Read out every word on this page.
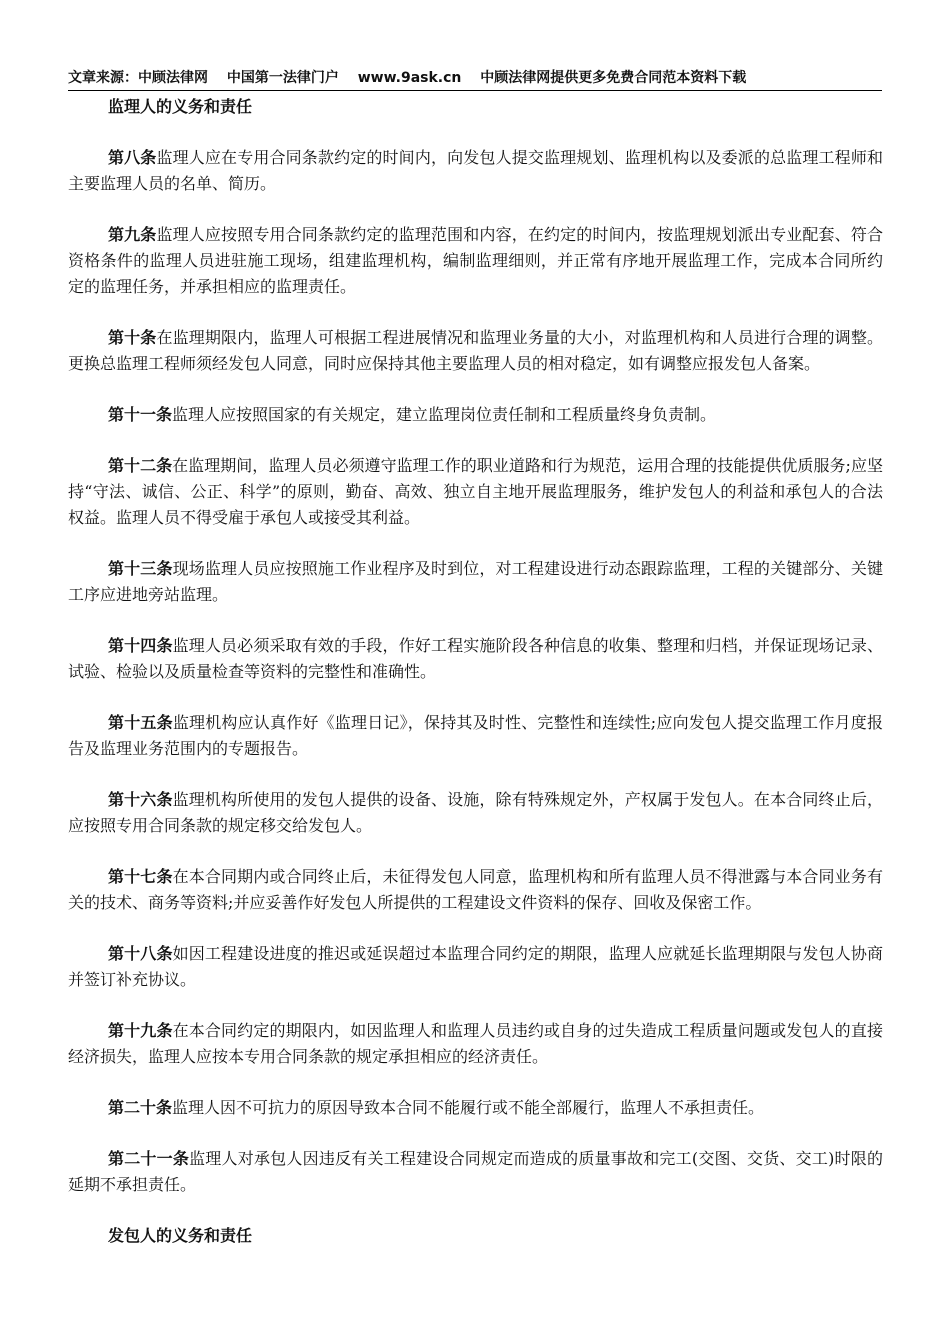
文章来源：中顾法律网 中国第一法律门户 www.9ask.cn 中顾法律网提供更多免费合同范本资料下载

监理人的义务和责任

第八条监理人应在专用合同条款约定的时间内，向发包人提交监理规划、监理机构以及委派的总监理工程师和主要监理人员的名单、简历。

第九条监理人应按照专用合同条款约定的监理范围和内容，在约定的时间内，按监理规划派出专业配套、符合资格条件的监理人员进驻施工现场，组建监理机构，编制监理细则，并正常有序地开展监理工作，完成本合同所约定的监理任务，并承担相应的监理责任。

第十条在监理期限内，监理人可根据工程进展情况和监理业务量的大小，对监理机构和人员进行合理的调整。更换总监理工程师须经发包人同意，同时应保持其他主要监理人员的相对稳定，如有调整应报发包人备案。

第十一条监理人应按照国家的有关规定，建立监理岗位责任制和工程质量终身负责制。

第十二条在监理期间，监理人员必须遵守监理工作的职业道路和行为规范，运用合理的技能提供优质服务;应坚持“守法、诚信、公正、科学”的原则，勤奋、高效、独立自主地开展监理服务，维护发包人的利益和承包人的合法权益。监理人员不得受雇于承包人或接受其利益。

第十三条现场监理人员应按照施工作业程序及时到位，对工程建设进行动态跟踪监理，工程的关键部分、关键工序应进地旁站监理。

第十四条监理人员必须采取有效的手段，作好工程实施阶段各种信息的收集、整理和归档，并保证现场记录、试验、检验以及质量检查等资料的完整性和准确性。

第十五条监理机构应认真作好《监理日记》，保持其及时性、完整性和连续性;应向发包人提交监理工作月度报告及监理业务范围内的专题报告。

第十六条监理机构所使用的发包人提供的设备、设施，除有特殊规定外，产权属于发包人。在本合同终止后，应按照专用合同条款的规定移交给发包人。

第十七条在本合同期内或合同终止后，未征得发包人同意，监理机构和所有监理人员不得泄露与本合同业务有关的技术、商务等资料;并应妥善作好发包人所提供的工程建设文件资料的保存、回收及保密工作。

第十八条如因工程建设进度的推迟或延误超过本监理合同约定的期限，监理人应就延长监理期限与发包人协商并签订补充协议。

第十九条在本合同约定的期限内，如因监理人和监理人员违约或自身的过失造成工程质量问题或发包人的直接经济损失，监理人应按本专用合同条款的规定承担相应的经济责任。

第二十条监理人因不可抗力的原因导致本合同不能履行或不能全部履行，监理人不承担责任。

第二十一条监理人对承包人因违反有关工程建设合同规定而造成的质量事故和完工(交图、交货、交工)时限的延期不承担责任。

发包人的义务和责任
